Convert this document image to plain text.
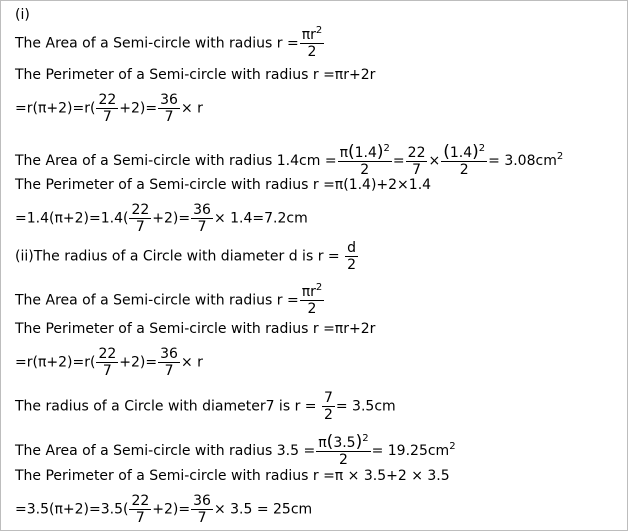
(i)
The Area of a Semi-circle with radius $r = \frac{\pi r^2}{2}$
The Perimeter of a Semi-circle with radius r =πr+2r
$=r(\pi+2)=r( \frac{22}{7} +2)= \frac{36}{7} \times r$
The Area of a Semi-circle with radius $1.4cm = \frac{\pi(1.4)^2}{2} = \frac{22}{7} \times \frac{(1.4)^2}{2} = 3.08cm^2$
The Perimeter of a Semi-circle with radius r =π(1.4)+2×1.4
$=1.4(\pi+2)=1.4( \frac{22}{7} +2)= \frac{36}{7} \times 1.4=7.2cm$
(ii)The radius of a Circle with diameter d is $r = \frac{d}{2}$
The Area of a Semi-circle with radius $r = \frac{\pi r^2}{2}$
The Perimeter of a Semi-circle with radius r =πr+2r
$=r(\pi+2)=r( \frac{22}{7} +2)= \frac{36}{7} \times r$
The radius of a Circle with diameter7 is $r = \frac{7}{2} = 3.5cm$
The Area of a Semi-circle with radius $3.5 = \frac{\pi(3.5)^2}{2} = 19.25cm^2$
The Perimeter of a Semi-circle with radius r =π × 3.5+2 × 3.5
$=3.5(\pi+2)=3.5( \frac{22}{7} +2)= \frac{36}{7} \times 3.5 = 25cm$
